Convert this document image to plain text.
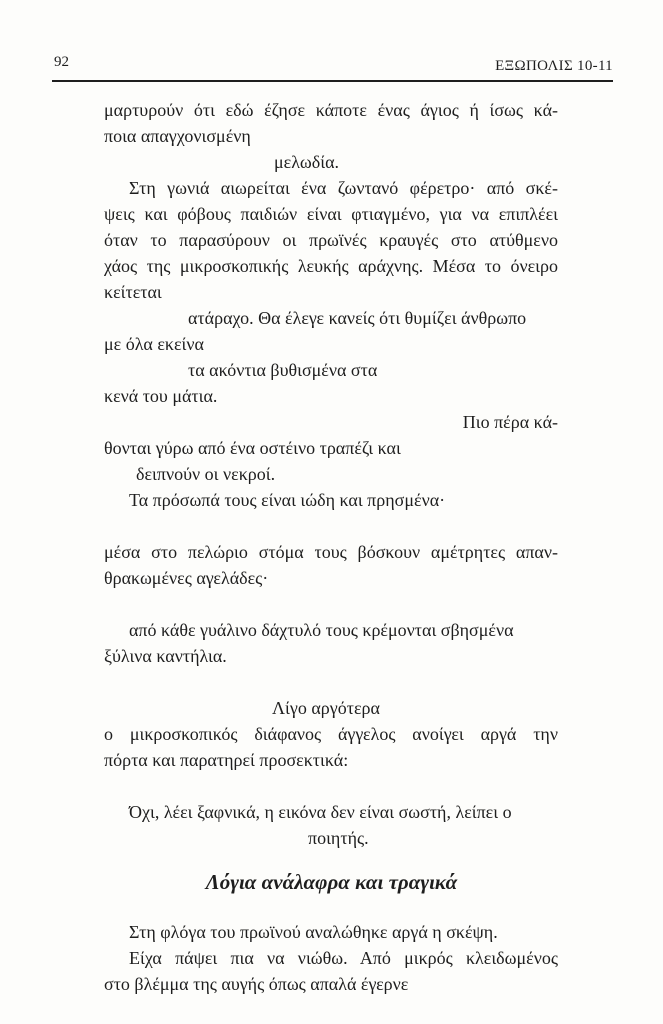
92	ΕΞΩΠΟΛΙΣ 10-11
μαρτυρούν ότι εδώ έζησε κάποτε ένας άγιος ή ίσως κά-
ποια απαγχονισμένη
μελωδία.
Στη γωνιά αιωρείται ένα ζωντανό φέρετρο· από σκέ-
ψεις και φόβους παιδιών είναι φτιαγμένο, για να επιπλέει
όταν το παρασύρουν οι πρωϊνές κραυγές στο ατύθμενο
χάος της μικροσκοπικής λευκής αράχνης. Μέσα το όνειρο
κείτεται
ατάραχο. Θα έλεγε κανείς ότι θυμίζει άνθρωπο
με όλα εκείνα
τα ακόντια βυθισμένα στα
κενά του μάτια.
Πιο πέρα κά-
θονται γύρω από ένα οστέινο τραπέζι και
δειπνούν οι νεκροί.
Τα πρόσωπά τους είναι ιώδη και πρησμένα·
μέσα στο πελώριο στόμα τους βόσκουν αμέτρητες απαν-
θρακωμένες αγελάδες·
από κάθε γυάλινο δάχτυλό τους κρέμονται σβησμένα
ξύλινα καντήλια.
Λίγο αργότερα
ο μικροσκοπικός διάφανος άγγελος ανοίγει αργά την
πόρτα και παρατηρεί προσεκτικά:
Όχι, λέει ξαφνικά, η εικόνα δεν είναι σωστή, λείπει ο
ποιητής.
Λόγια ανάλαφρα και τραγικά
Στη φλόγα του πρωϊνού αναλώθηκε αργά η σκέψη.
Είχα πάψει πια να νιώθω. Από μικρός κλειδωμένος
στο βλέμμα της αυγής όπως απαλά έγερνε
